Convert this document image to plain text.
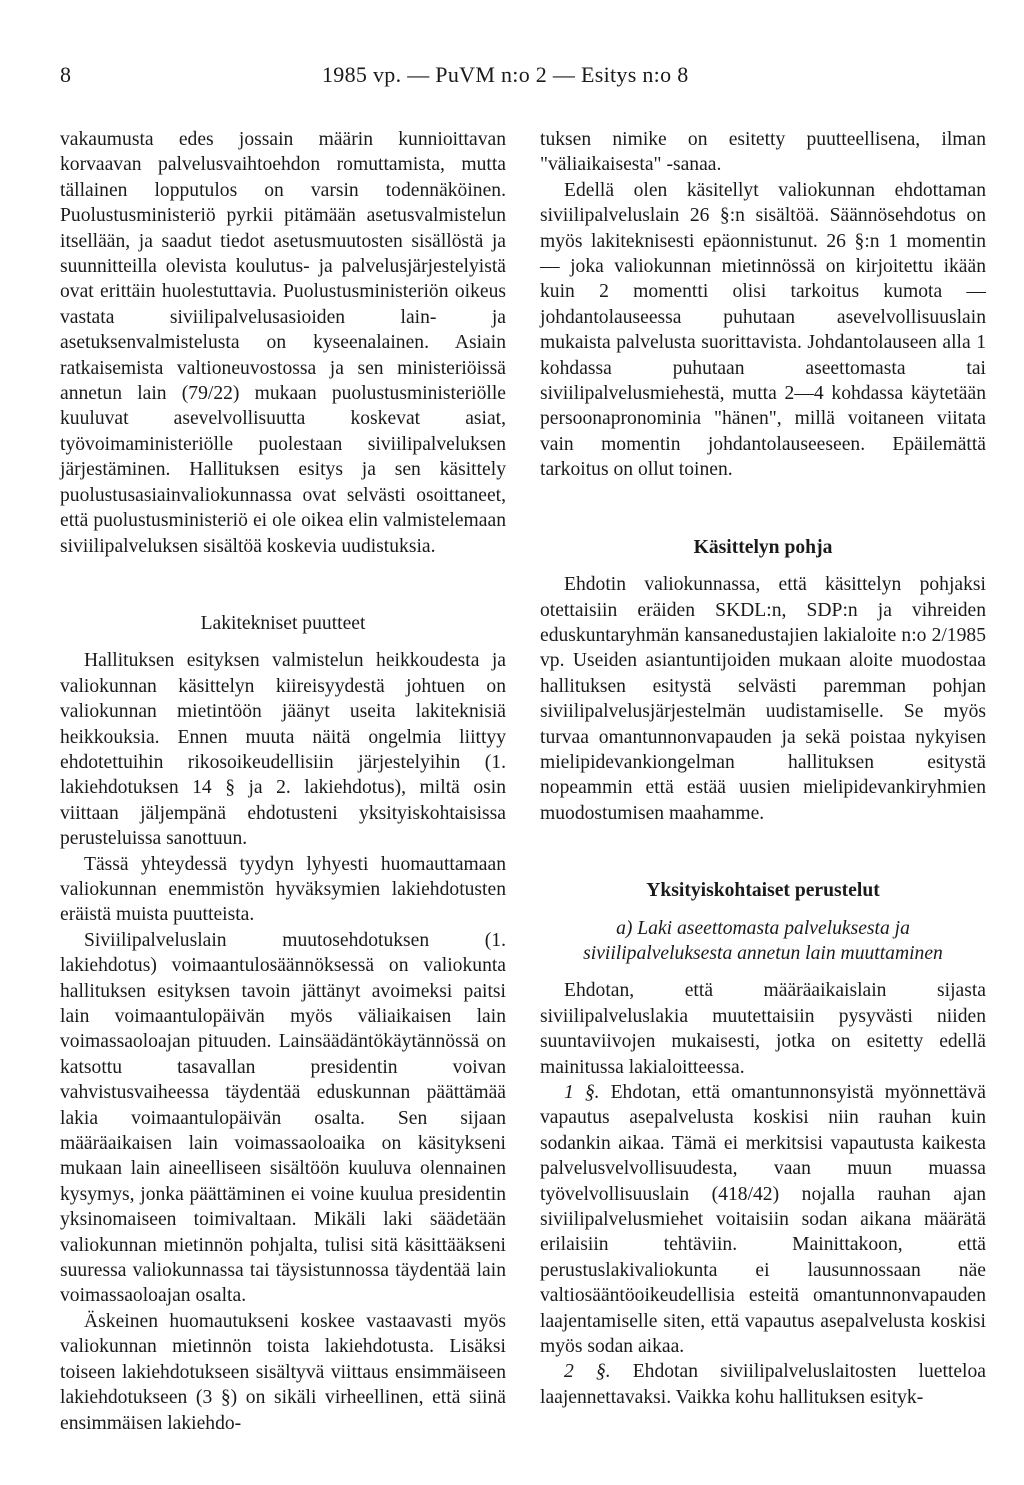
8	1985 vp. — PuVM n:o 2 — Esitys n:o 8

vakaumusta edes jossain määrin kunnioittavan korvaavan palvelusvaihtoehdon romuttamista, mutta tällainen lopputulos on varsin todennäköinen. Puolustusministeriö pyrkii pitämään asetusvalmistelun itsellään, ja saadut tiedot asetusmuutosten sisällöstä ja suunnitteilla olevista koulutus- ja palvelusjärjestelyistä ovat erittäin huolestuttavia. Puolustusministeriön oikeus vastata siviilipalvelusasioiden lain- ja asetuksenvalmistelusta on kyseenalainen. Asiain ratkaisemista valtioneuvostossa ja sen ministeriöissä annetun lain (79/22) mukaan puolustusministeriölle kuuluvat asevelvollisuutta koskevat asiat, työvoimaministeriölle puolestaan siviilipalveluksen järjestäminen. Hallituksen esitys ja sen käsittely puolustusasiainvaliokunnassa ovat selvästi osoittaneet, että puolustusministeriö ei ole oikea elin valmistelemaan siviilipalveluksen sisältöä koskevia uudistuksia.

Lakitekniset puutteet

Hallituksen esityksen valmistelun heikkoudesta ja valiokunnan käsittelyn kiireisyydestä johtuen on valiokunnan mietintöön jäänyt useita lakiteknisiä heikkouksia. Ennen muuta näitä ongelmia liittyy ehdotettuihin rikosoikeudellisiin järjestelyihin (1. lakiehdotuksen 14 § ja 2. lakiehdotus), miltä osin viittaan jäljempänä ehdotusteni yksityiskohtaisissa perusteluissa sanottuun.

Tässä yhteydessä tyydyn lyhyesti huomauttamaan valiokunnan enemmistön hyväksymien lakiehdotusten eräistä muista puutteista.

Siviilipalveluslain muutosehdotuksen (1. lakiehdotus) voimaantulosäännöksessä on valiokunta hallituksen esityksen tavoin jättänyt avoimeksi paitsi lain voimaantulopäivän myös väliaikaisen lain voimassaoloajan pituuden. Lainsäädäntökäytännössä on katsottu tasavallan presidentin voivan vahvistusvaiheessa täydentää eduskunnan päättämää lakia voimaantulopäivän osalta. Sen sijaan määräaikaisen lain voimassaoloaika on käsitykseni mukaan lain aineelliseen sisältöön kuuluva olennainen kysymys, jonka päättäminen ei voine kuulua presidentin yksinomaiseen toimivaltaan. Mikäli laki säädetään valiokunnan mietinnön pohjalta, tulisi sitä käsittääkseni suuressa valiokunnassa tai täysistunnossa täydentää lain voimassaoloajan osalta.

Äskeinen huomautukseni koskee vastaavasti myös valiokunnan mietinnön toista lakiehdotusta. Lisäksi toiseen lakiehdotukseen sisältyvä viittaus ensimmäiseen lakiehdotukseen (3 §) on sikäli virheellinen, että siinä ensimmäisen lakiehdo-

tuksen nimike on esitetty puutteellisena, ilman "väliaikaisesta" -sanaa.

Edellä olen käsitellyt valiokunnan ehdottaman siviilipalveluslain 26 §:n sisältöä. Säännösehdotus on myös lakiteknisesti epäonnistunut. 26 §:n 1 momentin — joka valiokunnan mietinnössä on kirjoitettu ikään kuin 2 momentti olisi tarkoitus kumota — johdantolauseessa puhutaan asevelvollisuuslain mukaista palvelusta suorittavista. Johdantolauseen alla 1 kohdassa puhutaan aseettomasta tai siviilipalvelusmiehestä, mutta 2—4 kohdassa käytetään persoonapronominia "hänen", millä voitaneen viitata vain momentin johdantolauseeseen. Epäilemättä tarkoitus on ollut toinen.

Käsittelyn pohja

Ehdotin valiokunnassa, että käsittelyn pohjaksi otettaisiin eräiden SKDL:n, SDP:n ja vihreiden eduskuntaryhmän kansanedustajien lakialoite n:o 2/1985 vp. Useiden asiantuntijoiden mukaan aloite muodostaa hallituksen esitystä selvästi paremman pohjan siviilipalvelusjärjestelmän uudistamiselle. Se myös turvaa omantunnonvapauden ja sekä poistaa nykyisen mielipidevankiongelman hallituksen esitystä nopeammin että estää uusien mielipidevankiryhmien muodostumisen maahamme.

Yksityiskohtaiset perustelut
a) Laki aseettomasta palveluksesta ja siviilipalveluksesta annetun lain muuttaminen

Ehdotan, että määräaikaislain sijasta siviilipalveluslakia muutettaisiin pysyvästi niiden suuntaviivojen mukaisesti, jotka on esitetty edellä mainitussa lakialoitteessa.

1 §. Ehdotan, että omantunnonsyistä myönnettävä vapautus asepalvelusta koskisi niin rauhan kuin sodankin aikaa. Tämä ei merkitsisi vapautusta kaikesta palvelusvelvollisuudesta, vaan muun muassa työvelvollisuuslain (418/42) nojalla rauhan ajan siviilipalvelusmiehet voitaisiin sodan aikana määrätä erilaisiin tehtäviin. Mainittakoon, että perustuslakivaliokunta ei lausunnossaan näe valtiosääntöoikeudellisia esteitä omantunnonvapauden laajentamiselle siten, että vapautus asepalvelusta koskisi myös sodan aikaa.

2 §. Ehdotan siviilipalveluslaitosten luetteloa laajennettavaksi. Vaikka kohu hallituksen esityk-
